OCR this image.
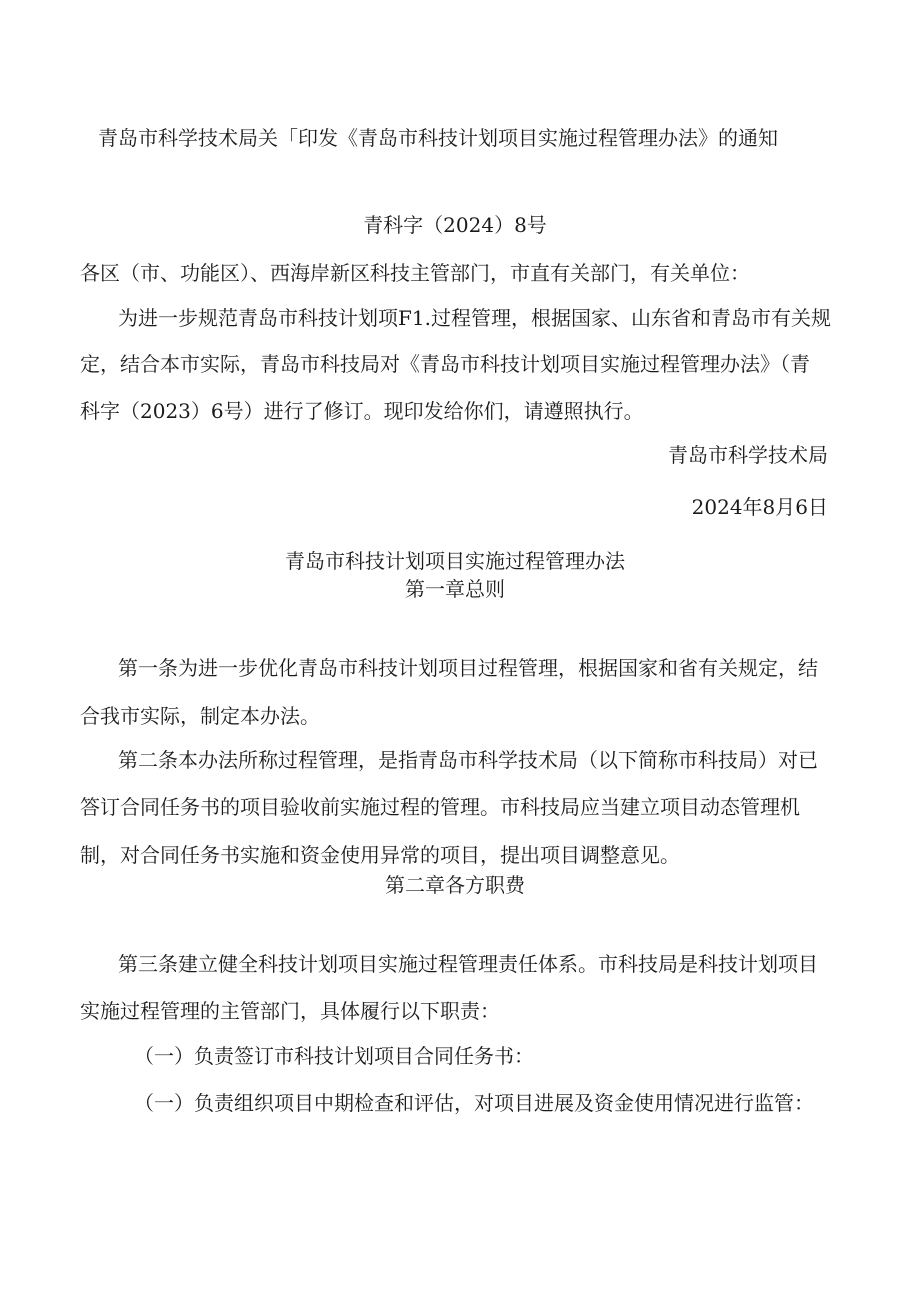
青岛市科学技术局关「印发《青岛市科技计划项目实施过程管理办法》的通知
青科字（2024）8号
各区（市、功能区）、西海岸新区科技主管部门，市直有关部门，有关单位：
为进一步规范青岛市科技计划项F1.过程管理，根据国家、山东省和青岛市有关规
定，结合本市实际，青岛市科技局对《青岛市科技计划项目实施过程管理办法》（青
科字（2023）6号）进行了修订。现印发给你们，请遵照执行。
青岛市科学技术局
2024年8月6日
青岛市科技计划项目实施过程管理办法
第一章总则
第一条为进一步优化青岛市科技计划项目过程管理，根据国家和省有关规定，结
合我市实际，制定本办法。
第二条本办法所称过程管理，是指青岛市科学技术局（以下简称市科技局）对已
答订合同任务书的项目验收前实施过程的管理。市科技局应当建立项目动态管理机
制，对合同任务书实施和资金使用异常的项目，提出项目调整意见。
第二章各方职费
第三条建立健全科技计划项目实施过程管理责任体系。市科技局是科技计划项目
实施过程管理的主管部门，具体履行以下职责：
（一）负责签订市科技计划项目合同任务书：
（一）负责组织项目中期检查和评估，对项目进展及资金使用情况进行监管：
